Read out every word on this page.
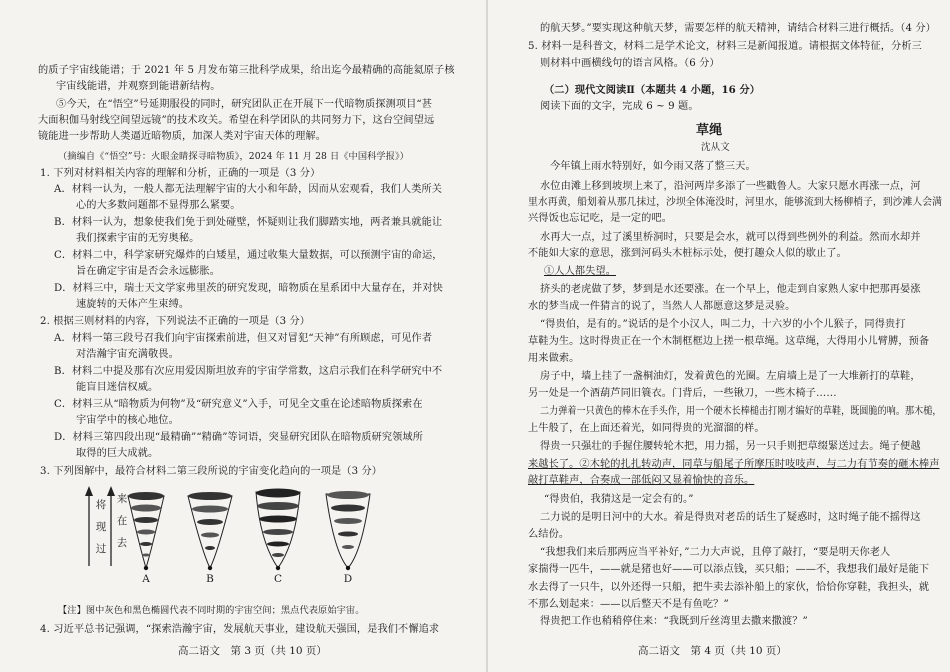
的质子宇宙线能谱；于 2021 年 5 月发布第三批科学成果，给出迄今最精确的高能氦原子核
宇宙线能谱，并观察到能谱新结构。
⑤今天，在“悟空”号延期服役的同时，研究团队正在开展下一代暗物质探测项目“甚
大面积伽马射线空间望远镜”的技术攻关。希望在科学团队的共同努力下，这台空间望远
镜能进一步帮助人类逼近暗物质，加深人类对宇宙天体的理解。
（摘编自《“悟空”号：火眼金睛探寻暗物质》，2024 年 11 月 28 日《中国科学报》）
1. 下列对材料相关内容的理解和分析，正确的一项是（3 分）
A．材料一认为，一般人都无法理解宇宙的大小和年龄，因而从宏观看，我们人类所关
心的大多数问题都不显得那么紧要。
B．材料一认为，想象使我们免于到处碰壁，怀疑则让我们脚踏实地，两者兼具就能让
我们探索宇宙的无穷奥秘。
C．材料二中，科学家研究爆炸的白矮星，通过收集大量数据，可以预测宇宙的命运，
旨在确定宇宙是否会永远膨胀。
D．材料三中，瑞士天文学家弗里茨的研究发现，暗物质在星系团中大量存在，并对快
速旋转的天体产生束缚。
2. 根据三则材料的内容，下列说法不正确的一项是（3 分）
A．材料一第三段号召我们向宇宙探索前进，但又对冒犯“天神”有所顾虑，可见作者
对浩瀚宇宙充满敬畏。
B．材料二中提及那有次应用爱因斯坦放弃的宇宙学常数，这启示我们在科学研究中不
能盲目迷信权威。
C．材料三从“暗物质为何物”及“研究意义”入手，可见全文重在论述暗物质探索在
宇宙学中的核心地位。
D．材料三第四段出现“最精确”“精确”等词语，突显研究团队在暗物质研究领域所
取得的巨大成就。
3. 下列图解中，最符合材料二第三段所说的宇宙变化趋向的一项是（3 分）
【注】图中灰色和黑色椭圆代表不同时期的宇宙空间；黑点代表原始宇宙。
4. 习近平总书记强调，“探索浩瀚宇宙，发展航天事业，建设航天强国，是我们不懈追求
将
现
过
来
在
去
A	B	C	D
高二语文　第 3 页（共 10 页）
的航天梦。”要实现这种航天梦，需要怎样的航天精神，请结合材料三进行概括。（4 分）
5. 材料一是科普文，材料二是学术论文，材料三是新闻报道。请根据文体特征，分析三
则材料中画横线句的语言风格。（6 分）
（二）现代文阅读Ⅱ（本题共 4 小题，16 分）
阅读下面的文字，完成 6 ~ 9 题。
草绳
沈从文
今年镇上雨水特别好，如今雨又落了整三天。
水位由滩上移到坡坝上来了，沿河两岸多添了一些戳鲁人。大家只愿水再涨一点，河
里水再黄，船划着从那几抹过，沙坝全体淹没时，河里水，能够流到大杨柳梢子，到沙滩人会满
兴得饭也忘记吃，是一定的吧。
水再大一点，过了溪里桥洞时，只要是会水，就可以得到些例外的利益。然而水却并
不能如大家的意思，涨到河码头木桩标示处，便打趣众人似的歇止了。
①人人都失望。
挤头的老虎做了梦，梦到是水还要涨。在一个早上，他走到自家熟人家中把那再晏涨
水的梦当成一件猜言的说了，当然人人都愿意这梦是灵验。
“得贵伯，是有的。”说话的是个小汉人，叫二力，十六岁的小个儿猴子，同得贵打
草鞋为生。这时得贵正在一个木制框框边上搓一根草绳。这草绳，大得用小儿臂膊，预备
用来做索。
房子中，墙上挂了一盏桐油灯，发着黄色的光圈。左肩墙上是了一大堆新打的草鞋，
另一处是一个酒葫芦同旧簑衣。门背后，一些锹刀，一些木椅子……
二力弹着一只黄色的棒木在手头作，用一个硬木长棒槌击打刚才编好的草鞋，既圆脆的响。那木槌，
上牛般了，在上面还着光，如同得贵的光溜溜的样。
得贵一只强壮的手握住腰转轮木把，用力摇，另一只手则把草缀緊送过去。绳子便越
来越长了。②木轮的扎扎转动声，同草与船尾子所摩压时吱吱声，与二力有节奏的砸木棒声
敲打草鞋声，合奏成一部低闷又显着愉快的音乐。
“得贵伯，我猜这是一定会有的。”
二力说的是明日河中的大水。着是得贵对老岳的话生了疑惑时，这时绳子能不摇得这
么结份。
“我想我们来后那两应当平补好，”二力大声说，且停了敲打，“要是明天你老人
家揣得一匹牛，——就是猪也好——可以添点钱，买只船；——不，我想我们最好是能下
水去得了一只牛，以外还得一只船，把牛卖去添补船上的家伙，恰恰你穿鞋，我担头，就
不那么划起来：——以后整天不是有鱼吃？”
得贵把工作也稍稍停住来：“我既到斤丝湾里去撒来撒渡？”
高二语文　第 4 页（共 10 页）
